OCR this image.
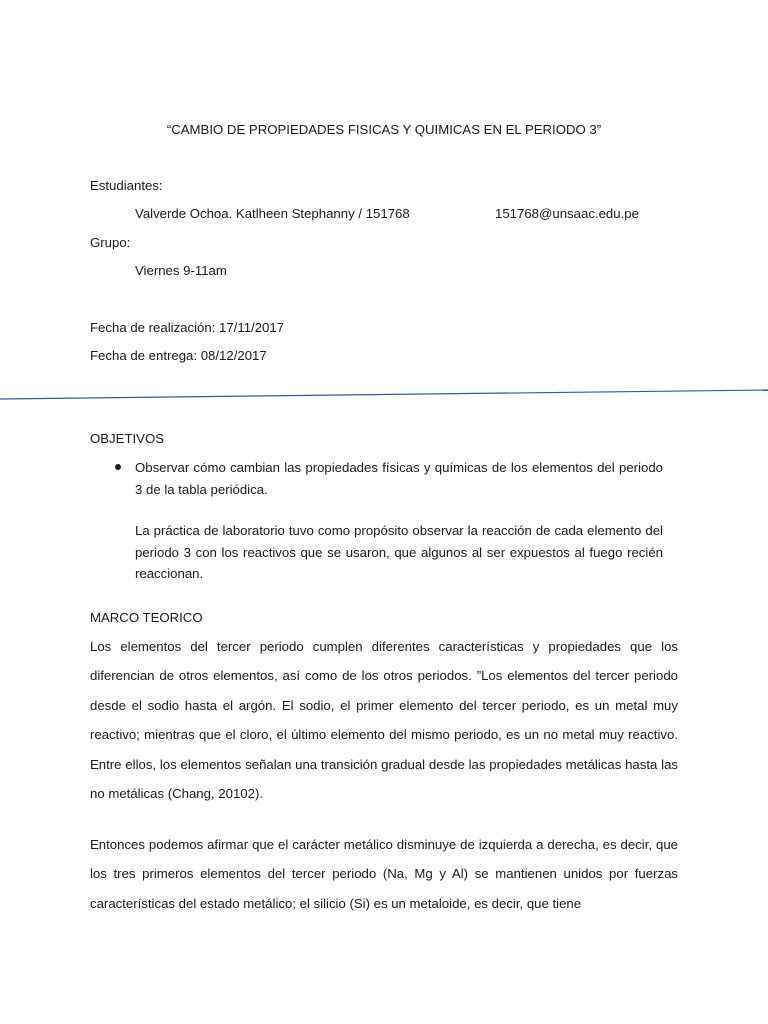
“CAMBIO DE PROPIEDADES FISICAS Y QUIMICAS EN EL PERIODO 3”
Estudiantes:
Valverde Ochoa. Katlheen Stephanny / 151768	151768@unsaac.edu.pe
Grupo:
Viernes 9-11am
Fecha de realización: 17/11/2017
Fecha de entrega: 08/12/2017
OBJETIVOS
Observar cómo cambian las propiedades físicas y químicas de los elementos del periodo 3 de la tabla periódica.
La práctica de laboratorio tuvo como propósito observar la reacción de cada elemento del periodo 3 con los reactivos que se usaron, que algunos al ser expuestos al fuego recién reaccionan.
MARCO TEORICO
Los elementos del tercer periodo cumplen diferentes características y propiedades que los diferencian de otros elementos, así como de los otros periodos. ”Los elementos del tercer periodo desde el sodio hasta el argón. El sodio, el primer elemento del tercer periodo, es un metal muy reactivo; mientras que el cloro, el último elemento del mismo periodo, es un no metal muy reactivo. Entre ellos, los elementos señalan una transición gradual desde las propiedades metálicas hasta las no metálicas (Chang, 20102).
Entonces podemos afirmar que el carácter metálico disminuye de izquierda a derecha, es decir, que los tres primeros elementos del tercer periodo (Na, Mg y Al) se mantienen unidos por fuerzas características del estado metálico; el silicio (Si) es un metaloide, es decir, que tiene
